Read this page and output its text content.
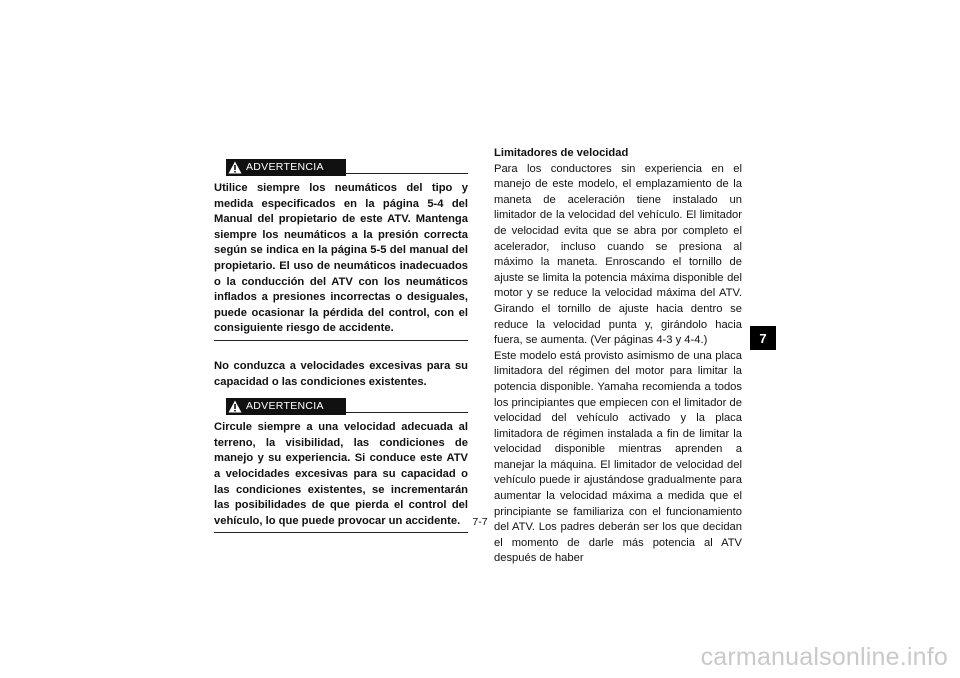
ADVERTENCIA

Utilice siempre los neumáticos del tipo y medida especificados en la página 5-4 del Manual del propietario de este ATV. Mantenga siempre los neumáticos a la presión correcta según se indica en la página 5-5 del manual del propietario. El uso de neumáticos inadecuados o la conducción del ATV con los neumáticos inflados a presiones incorrectas o desiguales, puede ocasionar la pérdida del control, con el consiguiente riesgo de accidente.

No conduzca a velocidades excesivas para su capacidad o las condiciones existentes.

ADVERTENCIA

Circule siempre a una velocidad adecuada al terreno, la visibilidad, las condiciones de manejo y su experiencia. Si conduce este ATV a velocidades excesivas para su capacidad o las condiciones existentes, se incrementarán las posibilidades de que pierda el control del vehículo, lo que puede provocar un accidente.

Limitadores de velocidad

Para los conductores sin experiencia en el manejo de este modelo, el emplazamiento de la maneta de aceleración tiene instalado un limitador de la velocidad del vehículo. El limitador de velocidad evita que se abra por completo el acelerador, incluso cuando se presiona al máximo la maneta. Enroscando el tornillo de ajuste se limita la potencia máxima disponible del motor y se reduce la velocidad máxima del ATV. Girando el tornillo de ajuste hacia dentro se reduce la velocidad punta y, girándolo hacia fuera, se aumenta. (Ver páginas 4-3 y 4-4.)

Este modelo está provisto asimismo de una placa limitadora del régimen del motor para limitar la potencia disponible. Yamaha recomienda a todos los principiantes que empiecen con el limitador de velocidad del vehículo activado y la placa limitadora de régimen instalada a fin de limitar la velocidad disponible mientras aprenden a manejar la máquina. El limitador de velocidad del vehículo puede ir ajustándose gradualmente para aumentar la velocidad máxima a medida que el principiante se familiariza con el funcionamiento del ATV. Los padres deberán ser los que decidan el momento de darle más potencia al ATV después de haber

7
7-7
carmanualsonline.info
